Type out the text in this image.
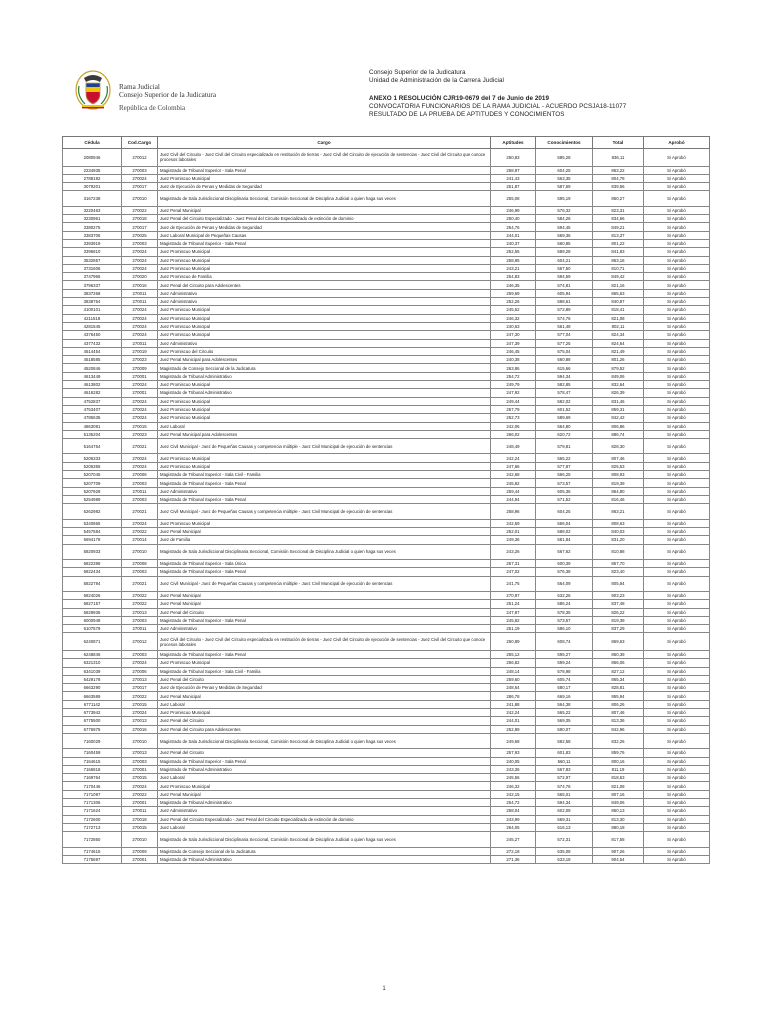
Rama Judicial
Consejo Superior de la Judicatura
República de Colombia
Consejo Superior de la Judicatura
Unidad de Administración de la Carrera Judicial
ANEXO 1 RESOLUCIÓN CJR19-0679 del 7 de Junio de 2019
CONVOCATORIA FUNCIONARIOS DE LA RAMA JUDICIAL - ACUERDO PCSJA18-11077
RESULTADO DE LA PRUEBA DE APTITUDES Y CONOCIMIENTOS
Cédula	Cod.Cargo	Cargo	Aptitudes	Conocimientos	Total	Aprobó
2080946	270012	Juez Civil del Circuito - Juez Civil del Circuito especializado en restitución de tierras - Juez Civil del Circuito de ejecución de sentencias - Juez Civil del Circuito que conoce procesos laborales	250,83	585,28	836,11	Si Aprobó
2234935	270003	Magistrado de Tribunal Superior - Sala Penal	258,97	604,25	863,22	Si Aprobó
2788192	270024	Juez Promiscuo Municipal	241,43	563,35	804,78	Si Aprobó
3079201	270017	Juez de Ejecución de Penas y Medidas de Seguridad	251,87	587,69	839,56	Si Aprobó
3167238	270010	Magistrado de Sala Jurisdiccional Disciplinaria Seccional, Comisión Seccional de Disciplina Judicial o quien haga sus veces	255,08	595,19	850,27	Si Aprobó
3220463	270022	Juez Penal Municipal	246,99	576,32	823,31	Si Aprobó
3230961	270018	Juez Penal del Circuito Especializado - Juez Penal del Circuito Especializado de extinción de dominio	250,40	584,26	834,66	Si Aprobó
3380275	270017	Juez de Ejecución de Penas y Medidas de Seguridad	254,76	594,45	849,21	Si Aprobó
3383706	270025	Juez Laboral Municipal de Pequeñas Causas	244,01	569,36	813,37	Si Aprobó
3393919	270003	Magistrado de Tribunal Superior - Sala Penal	240,37	560,85	801,22	Si Aprobó
3396810	270024	Juez Promiscuo Municipal	252,55	589,28	841,83	Si Aprobó
3532857	270024	Juez Promiscuo Municipal	258,95	604,21	863,16	Si Aprobó
3731606	270024	Juez Promiscuo Municipal	243,21	567,50	810,71	Si Aprobó
3747965	270020	Juez Promiscuo de Familia	254,83	594,59	849,42	Si Aprobó
3796337	270016	Juez Penal del Circuito para Adolescentes	246,35	574,81	821,16	Si Aprobó
3837268	270011	Juez Administrativo	259,69	605,94	865,63	Si Aprobó
3838764	270011	Juez Administrativo	252,26	588,61	840,87	Si Aprobó
4100101	270024	Juez Promiscuo Municipal	245,52	572,89	818,41	Si Aprobó
4211518	270024	Juez Promiscuo Municipal	246,32	574,76	821,08	Si Aprobó
4281545	270024	Juez Promiscuo Municipal	240,63	561,48	802,11	Si Aprobó
4376450	270024	Juez Promiscuo Municipal	247,30	577,04	824,34	Si Aprobó
4377432	270011	Juez Administrativo	247,39	577,25	824,64	Si Aprobó
4514454	270019	Juez Promiscuo del Circuito	246,45	575,04	821,49	Si Aprobó
4518585	270023	Juez Penal Municipal para Adolescentes	240,38	560,88	801,26	Si Aprobó
4520846	270009	Magistrado de Consejo Seccional de la Judicatura	263,86	615,66	879,52	Si Aprobó
4613449	270001	Magistrado de Tribunal Administrativo	254,72	594,34	849,06	Si Aprobó
4613802	270024	Juez Promiscuo Municipal	249,79	582,85	832,64	Si Aprobó
4616282	270001	Magistrado de Tribunal Administrativo	247,92	578,47	826,39	Si Aprobó
4752837	270024	Juez Promiscuo Municipal	249,44	582,02	831,46	Si Aprobó
4753407	270024	Juez Promiscuo Municipal	257,79	601,52	859,31	Si Aprobó
4785635	270024	Juez Promiscuo Municipal	252,73	589,69	842,42	Si Aprobó
4863081	270015	Juez Laboral	242,06	564,80	806,86	Si Aprobó
5135204	270023	Juez Penal Municipal para Adolescentes	266,02	620,72	886,74	Si Aprobó
5164764	270021	Juez Civil Municipal - Juez de Pequeñas Causas y competencia múltiple - Juez Civil Municipal de ejecución de sentencias	248,49	579,81	828,30	Si Aprobó
5206333	270024	Juez Promiscuo Municipal	242,24	565,22	807,46	Si Aprobó
5206355	270024	Juez Promiscuo Municipal	247,66	577,87	825,53	Si Aprobó
5207045	270006	Magistrado de Tribunal Superior - Sala Civil - Familia	242,68	566,25	808,93	Si Aprobó
5207709	270003	Magistrado de Tribunal Superior - Sala Penal	245,82	573,57	819,39	Si Aprobó
5207928	270011	Juez Administrativo	259,44	605,36	864,80	Si Aprobó
5254989	270003	Magistrado de Tribunal Superior - Sala Penal	244,94	571,52	816,46	Si Aprobó
5262982	270021	Juez Civil Municipal - Juez de Pequeñas Causas y competencia múltiple - Juez Civil Municipal de ejecución de sentencias	258,96	604,25	863,21	Si Aprobó
5340865	270024	Juez Promiscuo Municipal	242,59	566,04	808,63	Si Aprobó
5457584	270022	Juez Penal Municipal	252,01	588,02	840,03	Si Aprobó
5694178	270014	Juez de Familia	249,36	581,84	831,20	Si Aprobó
5820933	270010	Magistrado de Sala Jurisdiccional Disciplinaria Seccional, Comisión Seccional de Disciplina Judicial o quien haga sus veces	243,26	567,62	810,88	Si Aprobó
5822398	270008	Magistrado de Tribunal Superior - Sala Única	257,31	600,39	857,70	Si Aprobó
5822434	270003	Magistrado de Tribunal Superior - Sala Penal	247,02	576,38	823,40	Si Aprobó
5822784	270021	Juez Civil Municipal - Juez de Pequeñas Causas y competencia múltiple - Juez Civil Municipal de ejecución de sentencias	241,75	564,09	805,84	Si Aprobó
5824026	270022	Juez Penal Municipal	270,97	632,26	903,23	Si Aprobó
5827157	270022	Juez Penal Municipal	251,24	586,24	837,48	Si Aprobó
5829935	270013	Juez Penal del Circuito	247,87	578,35	826,22	Si Aprobó
6000948	270003	Magistrado de Tribunal Superior - Sala Penal	245,82	573,57	819,39	Si Aprobó
6107579	270011	Juez Administrativo	251,19	586,10	837,29	Si Aprobó
6240871	270012	Juez Civil del Circuito - Juez Civil del Circuito especializado en restitución de tierras - Juez Civil del Circuito de ejecución de sentencias - Juez Civil del Circuito que conoce procesos laborales	260,89	608,74	869,63	Si Aprobó
6248846	270003	Magistrado de Tribunal Superior - Sala Penal	255,12	595,27	850,39	Si Aprobó
6321310	270024	Juez Promiscuo Municipal	256,82	599,24	856,06	Si Aprobó
6341039	270006	Magistrado de Tribunal Superior - Sala Civil - Familia	248,14	578,98	827,12	Si Aprobó
6429178	270013	Juez Penal del Circuito	259,60	605,74	865,34	Si Aprobó
6663290	270017	Juez de Ejecución de Penas y Medidas de Seguridad	248,64	580,17	828,81	Si Aprobó
6663589	270022	Juez Penal Municipal	286,78	669,16	955,94	Si Aprobó
6771142	270015	Juez Laboral	241,88	564,38	806,26	Si Aprobó
6773942	270024	Juez Promiscuo Municipal	242,24	565,22	807,46	Si Aprobó
6775500	270013	Juez Penal del Circuito	244,01	569,35	813,36	Si Aprobó
6776975	270016	Juez Penal del Circuito para Adolescentes	252,89	590,07	842,96	Si Aprobó
7160029	270010	Magistrado de Sala Jurisdiccional Disciplinaria Seccional, Comisión Seccional de Disciplina Judicial o quien haga sus veces	249,68	582,58	832,26	Si Aprobó
7160459	270013	Juez Penal del Circuito	257,93	601,83	859,76	Si Aprobó
7164615	270003	Magistrado de Tribunal Superior - Sala Penal	240,05	560,11	800,16	Si Aprobó
7166818	270001	Magistrado de Tribunal Administrativo	243,36	567,83	811,19	Si Aprobó
7169764	270015	Juez Laboral	245,56	572,97	818,53	Si Aprobó
7170446	270024	Juez Promiscuo Municipal	246,32	574,76	821,08	Si Aprobó
7171097	270022	Juez Penal Municipal	242,15	565,01	807,16	Si Aprobó
7171306	270001	Magistrado de Tribunal Administrativo	254,72	594,34	849,06	Si Aprobó
7171624	270011	Juez Administrativo	258,04	602,09	860,13	Si Aprobó
7172600	270018	Juez Penal del Circuito Especializado - Juez Penal del Circuito Especializado de extinción de dominio	243,99	569,31	813,30	Si Aprobó
7172713	270015	Juez Laboral	264,05	616,13	880,18	Si Aprobó
7172860	270010	Magistrado de Sala Jurisdiccional Disciplinaria Seccional, Comisión Seccional de Disciplina Judicial o quien haga sus veces	245,27	572,31	817,58	Si Aprobó
7174615	270009	Magistrado de Consejo Seccional de la Judicatura	272,18	635,08	907,26	Si Aprobó
7175697	270001	Magistrado de Tribunal Administrativo	271,36	633,18	904,54	Si Aprobó
1
